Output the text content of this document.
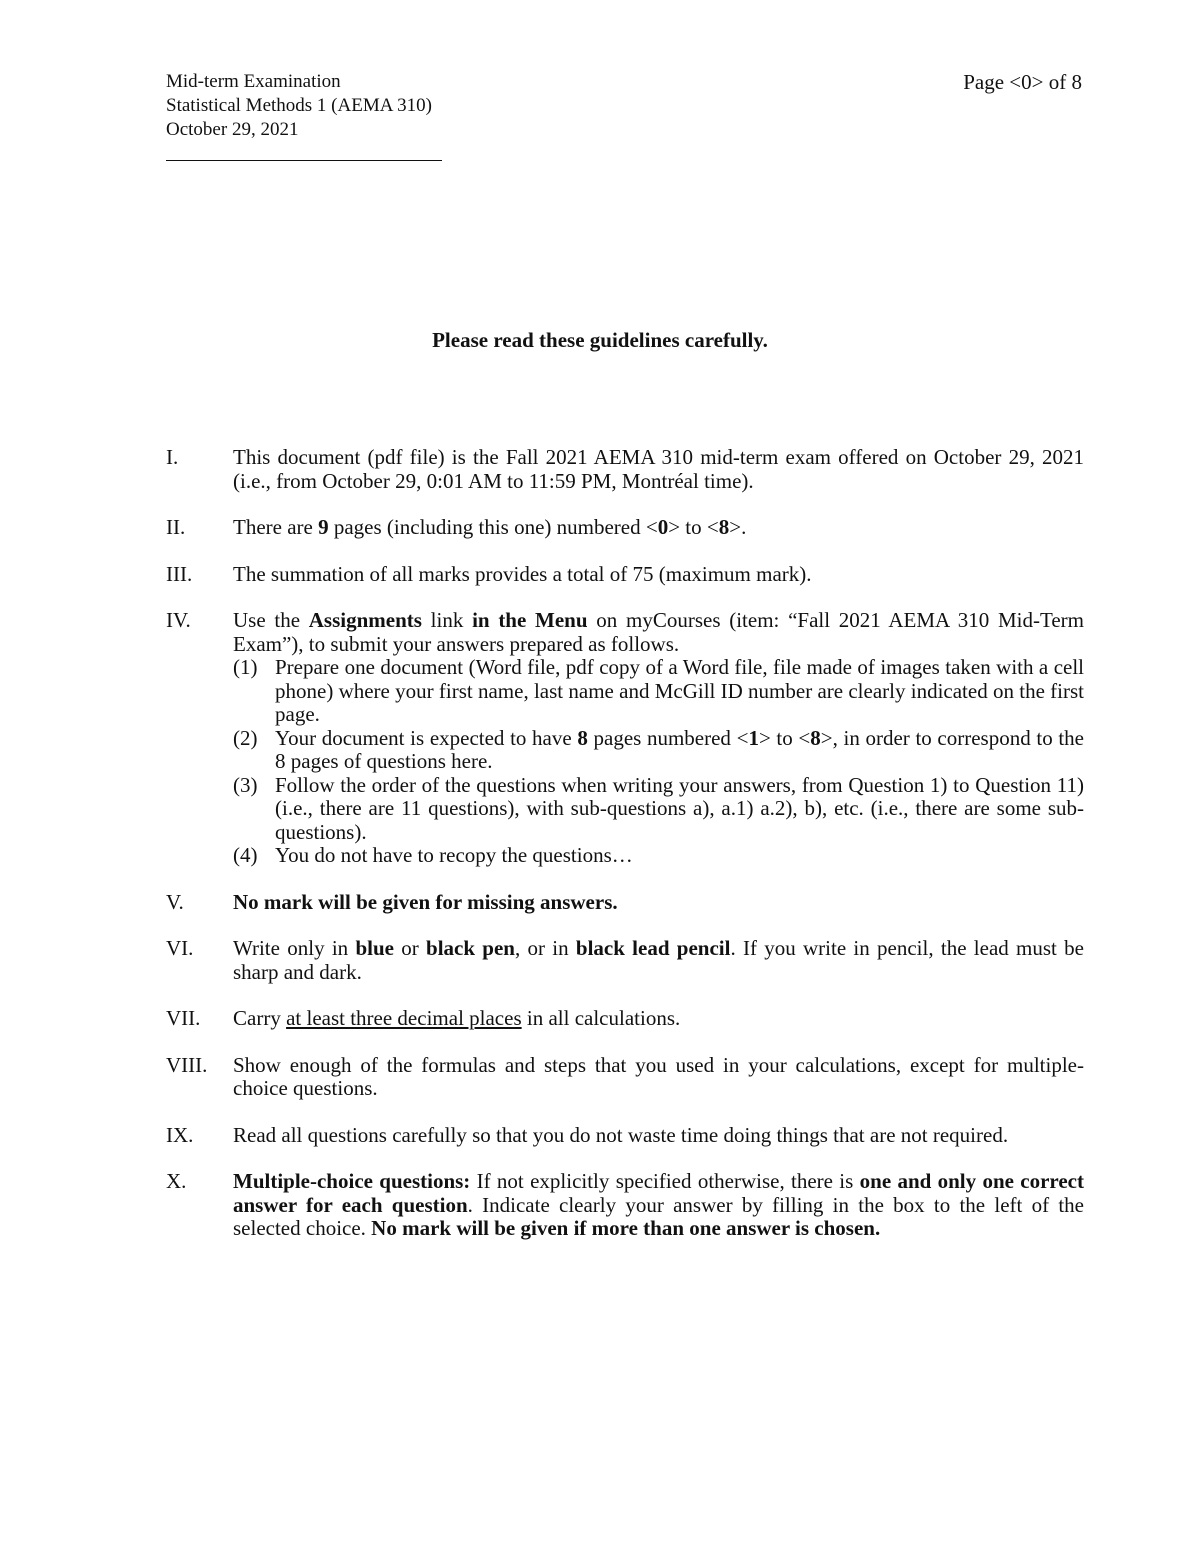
Mid-term Examination
Statistical Methods 1 (AEMA 310)
October 29, 2021
Page <0> of 8
Please read these guidelines carefully.
I.	This document (pdf file) is the Fall 2021 AEMA 310 mid-term exam offered on October 29, 2021 (i.e., from October 29, 0:01 AM to 11:59 PM, Montréal time).
II.	There are 9 pages (including this one) numbered <0> to <8>.
III.	The summation of all marks provides a total of 75 (maximum mark).
IV.	Use the Assignments link in the Menu on myCourses (item: “Fall 2021 AEMA 310 Mid-Term Exam”), to submit your answers prepared as follows.
(1) Prepare one document (Word file, pdf copy of a Word file, file made of images taken with a cell phone) where your first name, last name and McGill ID number are clearly indicated on the first page.
(2) Your document is expected to have 8 pages numbered <1> to <8>, in order to correspond to the 8 pages of questions here.
(3) Follow the order of the questions when writing your answers, from Question 1) to Question 11) (i.e., there are 11 questions), with sub-questions a), a.1) a.2), b), etc. (i.e., there are some sub-questions).
(4) You do not have to recopy the questions…
V.	No mark will be given for missing answers.
VI.	Write only in blue or black pen, or in black lead pencil. If you write in pencil, the lead must be sharp and dark.
VII.	Carry at least three decimal places in all calculations.
VIII.	Show enough of the formulas and steps that you used in your calculations, except for multiple-choice questions.
IX.	Read all questions carefully so that you do not waste time doing things that are not required.
X.	Multiple-choice questions: If not explicitly specified otherwise, there is one and only one correct answer for each question. Indicate clearly your answer by filling in the box to the left of the selected choice. No mark will be given if more than one answer is chosen.
